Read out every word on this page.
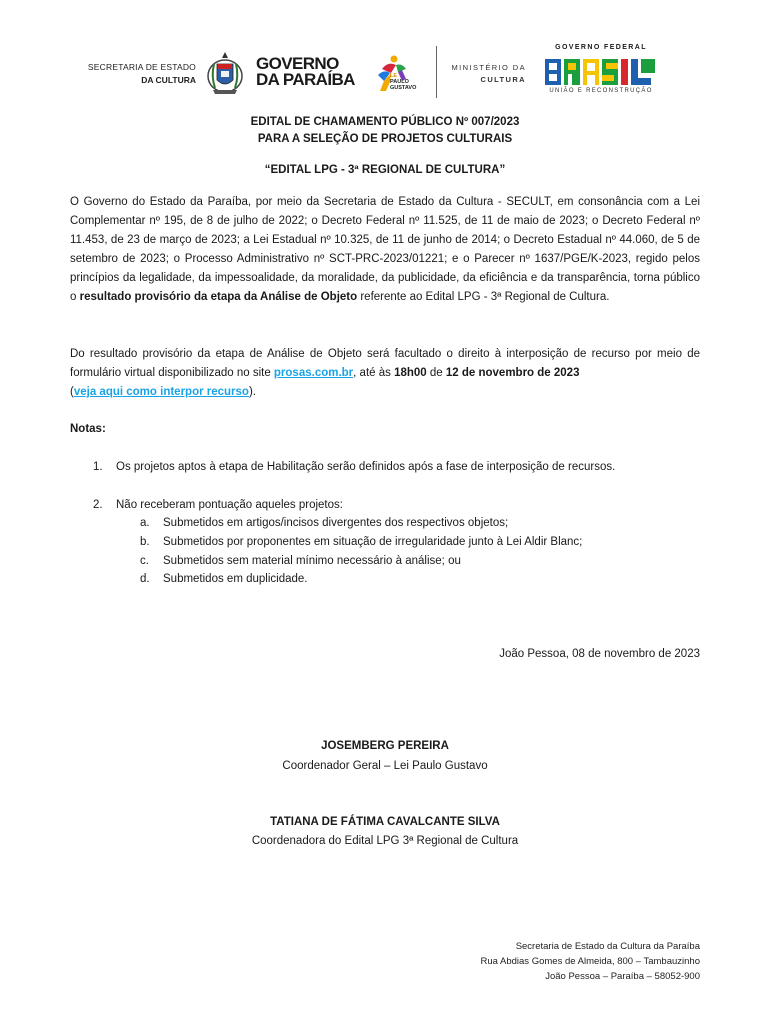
SECRETARIA DE ESTADO
DA CULTURA
GOVERNO
DA PARAÍBA	LE
PAULO
GUSTAVO
MINISTÉRIO DA
CULTURA
GOVERNO FEDERAL
UNIÃO E RECONSTRUÇÃO
EDITAL DE CHAMAMENTO PÚBLICO Nº 007/2023
PARA A SELEÇÃO DE PROJETOS CULTURAIS
“EDITAL LPG - 3ª REGIONAL DE CULTURA”
O Governo do Estado da Paraíba, por meio da Secretaria de Estado da Cultura - SECULT, em consonância com a Lei Complementar nº 195, de 8 de julho de 2022; o Decreto Federal nº 11.525, de 11 de maio de 2023; o Decreto Federal nº 11.453, de 23 de março de 2023; a Lei Estadual nº 10.325, de 11 de junho de 2014; o Decreto Estadual nº 44.060, de 5 de setembro de 2023; o Processo Administrativo nº SCT-PRC-2023/01221; e o Parecer nº 1637/PGE/K-2023, regido pelos princípios da legalidade, da impessoalidade, da moralidade, da publicidade, da eficiência e da transparência, torna público o resultado provisório da etapa da Análise de Objeto referente ao Edital LPG - 3ª Regional de Cultura.
Do resultado provisório da etapa de Análise de Objeto será facultado o direito à interposição de recurso por meio de formulário virtual disponibilizado no site prosas.com.br, até às 18h00 de 12 de novembro de 2023
(veja aqui como interpor recurso).
Notas:
1. Os projetos aptos à etapa de Habilitação serão definidos após a fase de interposição de recursos.
2. Não receberam pontuação aqueles projetos:
a. Submetidos em artigos/incisos divergentes dos respectivos objetos;
b. Submetidos por proponentes em situação de irregularidade junto à Lei Aldir Blanc;
c. Submetidos sem material mínimo necessário à análise; ou
d. Submetidos em duplicidade.
João Pessoa, 08 de novembro de 2023
JOSEMBERG PEREIRA
Coordenador Geral – Lei Paulo Gustavo
TATIANA DE FÁTIMA CAVALCANTE SILVA
Coordenadora do Edital LPG 3ª Regional de Cultura
Secretaria de Estado da Cultura da Paraíba
Rua Abdias Gomes de Almeida, 800 – Tambauzinho
João Pessoa – Paraíba – 58052-900
